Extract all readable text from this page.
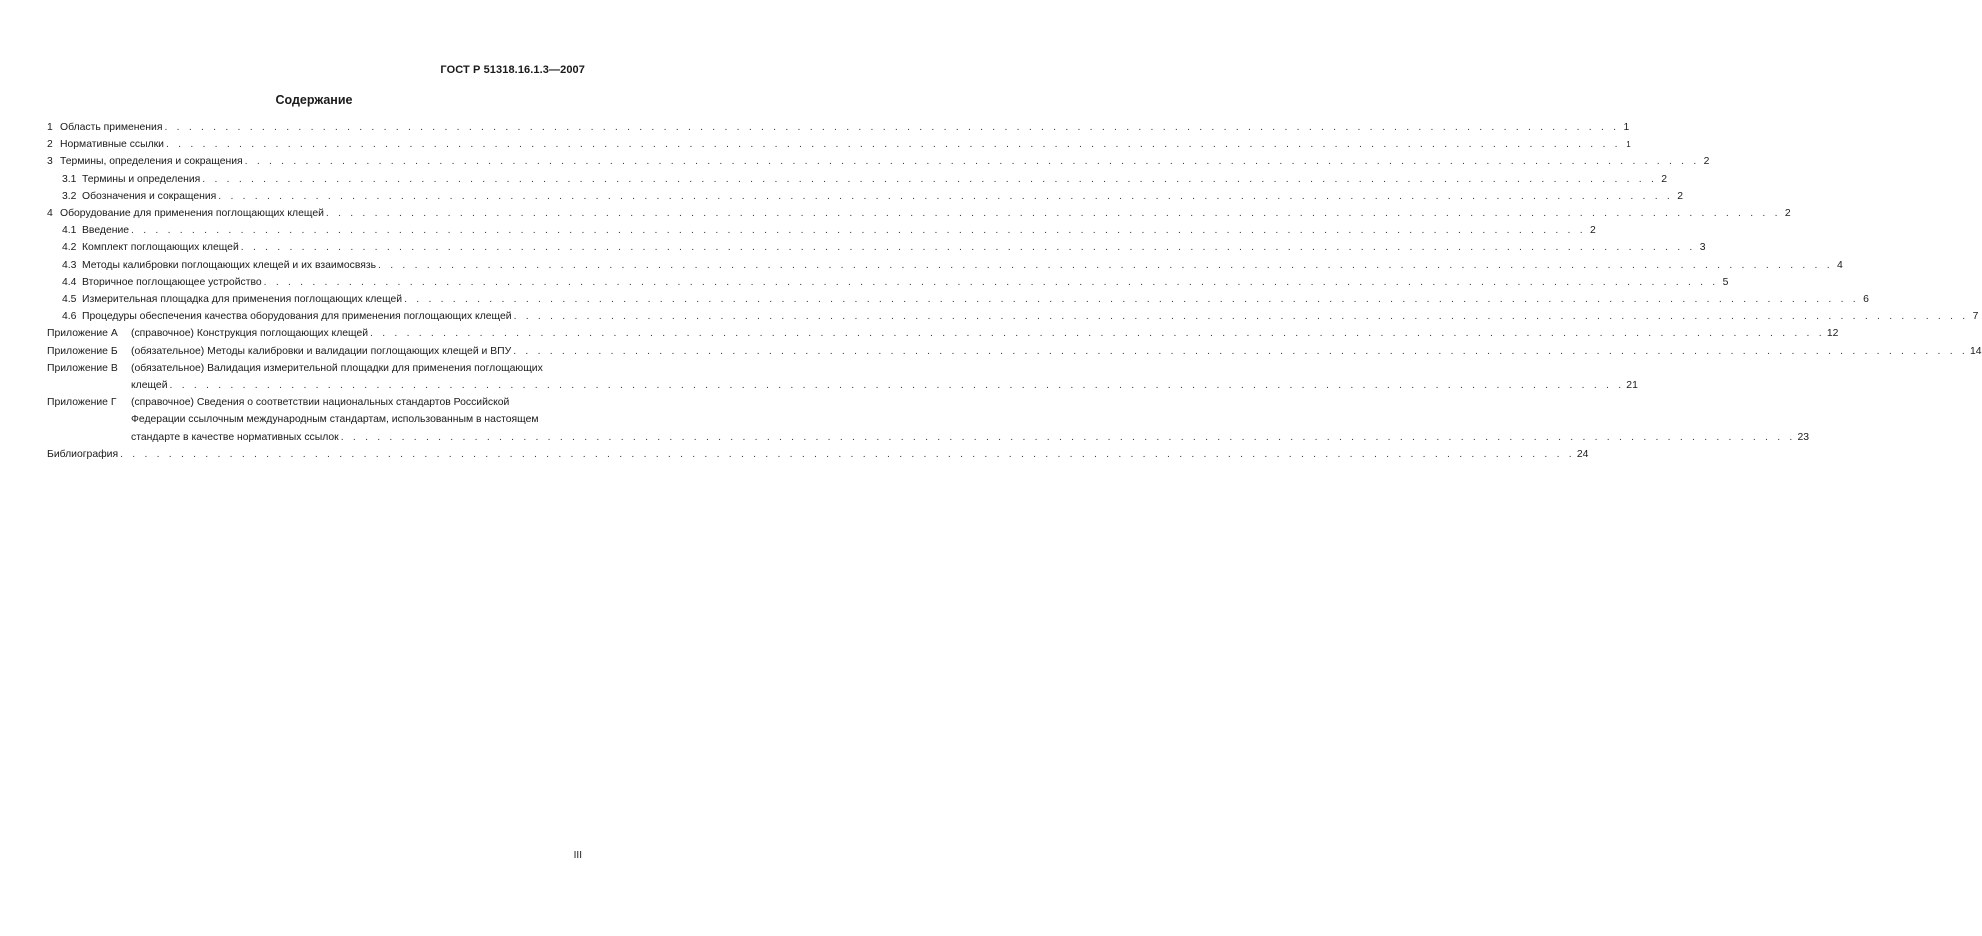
ГОСТ Р 51318.16.1.3—2007
Содержание
1 Область применения . . . . . . . . . . . . . . . . . . . . . . . . . . . . . . . . . . . . . . . . . . . . . . . . . . . . . . . . . . . . . . . . . . . . . . . . . . . . . . . . . . . . . . . . . . . . . . . . . . . . . . . . . . . . . . . . . . . . . . . . 1
2 Нормативные ссылки . . . . . . . . . . . . . . . . . . . . . . . . . . . . . . . . . . . . . . . . . . . . . . . . . . . . . . . . . . . . . . . . . . . . . . . . . . . . . . . . . . . . . . . . . . . . . . . . . . . . . . . . . . . . . . . . . . . . . . . . 1
3 Термины, определения и сокращения . . . . . . . . . . . . . . . . . . . . . . . . . . . . . . . . . . . . . . . . . . . . . . . . . . . . . . . . . . . . . . . . . . . . . . . . . . . . . . . . . . . . . . . . . . . . . . . . . . . . . . . . . . . . . . . . . . . . . . . . 2
3.1 Термины и определения . . . . . . . . . . . . . . . . . . . . . . . . . . . . . . . . . . . . . . . . . . . . . . . . . . . . . . . . . . . . . . . . . . . . . . . . . . . . . . . . . . . . . . . . . . . . . . . . . . . . . . . . . . . . . . . . . . . . . . . . 2
3.2 Обозначения и сокращения . . . . . . . . . . . . . . . . . . . . . . . . . . . . . . . . . . . . . . . . . . . . . . . . . . . . . . . . . . . . . . . . . . . . . . . . . . . . . . . . . . . . . . . . . . . . . . . . . . . . . . . . . . . . . . . . . . . . . . . . 2
4 Оборудование для применения поглощающих клещей . . . . . . . . . . . . . . . . . . . . . . . . . . . . . . . . . . . . . . . . . . . . . . . . . . . . . . . . . . . . . . . . . . . . . . . . . . . . . . . . . . . . . . . . . . . . . . . . . . . . . . . . . . . . . . . . . . . . . . . . 2
4.1 Введение . . . . . . . . . . . . . . . . . . . . . . . . . . . . . . . . . . . . . . . . . . . . . . . . . . . . . . . . . . . . . . . . . . . . . . . . . . . . . . . . . . . . . . . . . . . . . . . . . . . . . . . . . . . . . . . . . . . . . . . . 2
4.2 Комплект поглощающих клещей . . . . . . . . . . . . . . . . . . . . . . . . . . . . . . . . . . . . . . . . . . . . . . . . . . . . . . . . . . . . . . . . . . . . . . . . . . . . . . . . . . . . . . . . . . . . . . . . . . . . . . . . . . . . . . . . . . . . . . . . 3
4.3 Методы калибровки поглощающих клещей и их взаимосвязь . . . . . . . . . . . . . . . . . . . . . . . . . . . . . . . . . . . . . . . . . . . . . . . . . . . . . . . . . . . . . . . . . . . . . . . . . . . . . . . . . . . . . . . . . . . . . . . . . . . . . . . . . . . . . . . . . . . . . . . . 4
4.4 Вторичное поглощающее устройство . . . . . . . . . . . . . . . . . . . . . . . . . . . . . . . . . . . . . . . . . . . . . . . . . . . . . . . . . . . . . . . . . . . . . . . . . . . . . . . . . . . . . . . . . . . . . . . . . . . . . . . . . . . . . . . . . . . . . . . . 5
4.5 Измерительная площадка для применения поглощающих клещей . . . . . . . . . . . . . . . . . . . . . . . . . . . . . . . . . . . . . . . . . . . . . . . . . . . . . . . . . . . . . . . . . . . . . . . . . . . . . . . . . . . . . . . . . . . . . . . . . . . . . . . . . . . . . . . . . . . . . . . . 6
4.6 Процедуры обеспечения качества оборудования для применения поглощающих клещей . . . . . . . . . . . . . . . . . . . . . . . . . . . . . . . . . . . . . . . . . . . . . . . . . . . . . . . . . . . . . . . . . . . . . . . . . . . . . . . . . . . . . . . . . . . . . . . . . . . . . . . . . . . . . . . . . . . . . . . . 7
Приложение А	(справочное) Конструкция поглощающих клещей . . . . . . . . . . . . . . . . . . . . . . . . . . . . . . . . . . . . . . . . . . . . . . . . . . . . . . . . . . . . . . . . . . . . . . . . . . . . . . . . . . . . . . . . . . . . . . . . . . . . . . . . . . . . . . . . . . . . . . . . 12
Приложение Б	(обязательное) Методы калибровки и валидации поглощающих клещей и ВПУ . . . . . . . . . . . . . . . . . . . . . . . . . . . . . . . . . . . . . . . . . . . . . . . . . . . . . . . . . . . . . . . . . . . . . . . . . . . . . . . . . . . . . . . . . . . . . . . . . . . . . . . . . . . . . . . . . . . . . . . . 14
Приложение В	(обязательное) Валидация измерительной площадки для применения поглощающих
клещей . . . . . . . . . . . . . . . . . . . . . . . . . . . . . . . . . . . . . . . . . . . . . . . . . . . . . . . . . . . . . . . . . . . . . . . . . . . . . . . . . . . . . . . . . . . . . . . . . . . . . . . . . . . . . . . . . . . . . . . . 21
Приложение Г	(справочное) Сведения о соответствии национальных стандартов Российской
Федерации ссылочным международным стандартам, использованным в настоящем
стандарте в качестве нормативных ссылок . . . . . . . . . . . . . . . . . . . . . . . . . . . . . . . . . . . . . . . . . . . . . . . . . . . . . . . . . . . . . . . . . . . . . . . . . . . . . . . . . . . . . . . . . . . . . . . . . . . . . . . . . . . . . . . . . . . . . . . . 23
Библиография . . . . . . . . . . . . . . . . . . . . . . . . . . . . . . . . . . . . . . . . . . . . . . . . . . . . . . . . . . . . . . . . . . . . . . . . . . . . . . . . . . . . . . . . . . . . . . . . . . . . . . . . . . . . . . . . . . . . . . . . 24
III
